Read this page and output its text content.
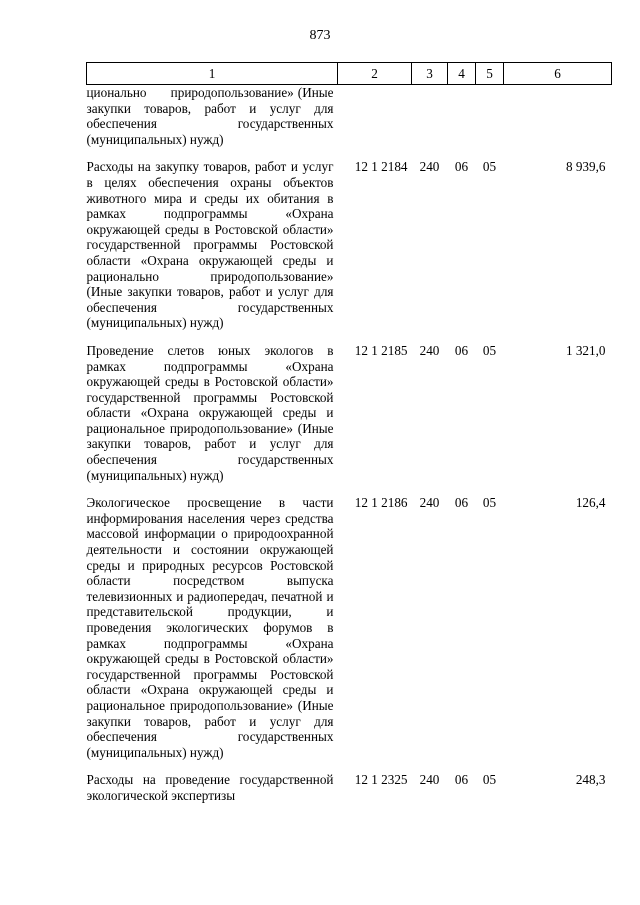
873
1	2	3	4	5	6
ционально      природопользование» (Иные закупки товаров, работ и услуг для обеспечения государственных (муниципальных) нужд)					
Расходы на закупку товаров, работ и услуг в целях обеспечения охраны объектов животного мира и среды их обитания в рамках подпрограммы «Охрана окружающей среды в Ростовской области» государственной программы Ростовской области «Охрана окружающей среды и рационально      природопользование» (Иные закупки товаров, работ и услуг для обеспечения государственных (муниципальных) нужд)	12 1 2184	240	06	05	8 939,6
Проведение слетов юных экологов в рамках подпрограммы «Охрана окружающей среды в Ростовской области» государственной программы Ростовской области «Охрана окружающей среды и рациональное природопользование» (Иные закупки товаров, работ и услуг для обеспечения государственных (муниципальных) нужд)	12 1 2185	240	06	05	1 321,0
Экологическое просвещение в части информирования населения через средства массовой информации о природоохранной деятельности и состоянии окружающей среды и природных ресурсов Ростовской области посредством выпуска телевизионных и радиопередач, печатной и представительской продукции, и проведения экологических форумов в рамках подпрограммы «Охрана окружающей среды в Ростовской области» государственной программы Ростовской области «Охрана окружающей среды и рациональное природопользование» (Иные закупки товаров, работ и услуг для обеспечения государственных (муниципальных) нужд)	12 1 2186	240	06	05	126,4
Расходы на проведение государственной экологической экспертизы	12 1 2325	240	06	05	248,3
